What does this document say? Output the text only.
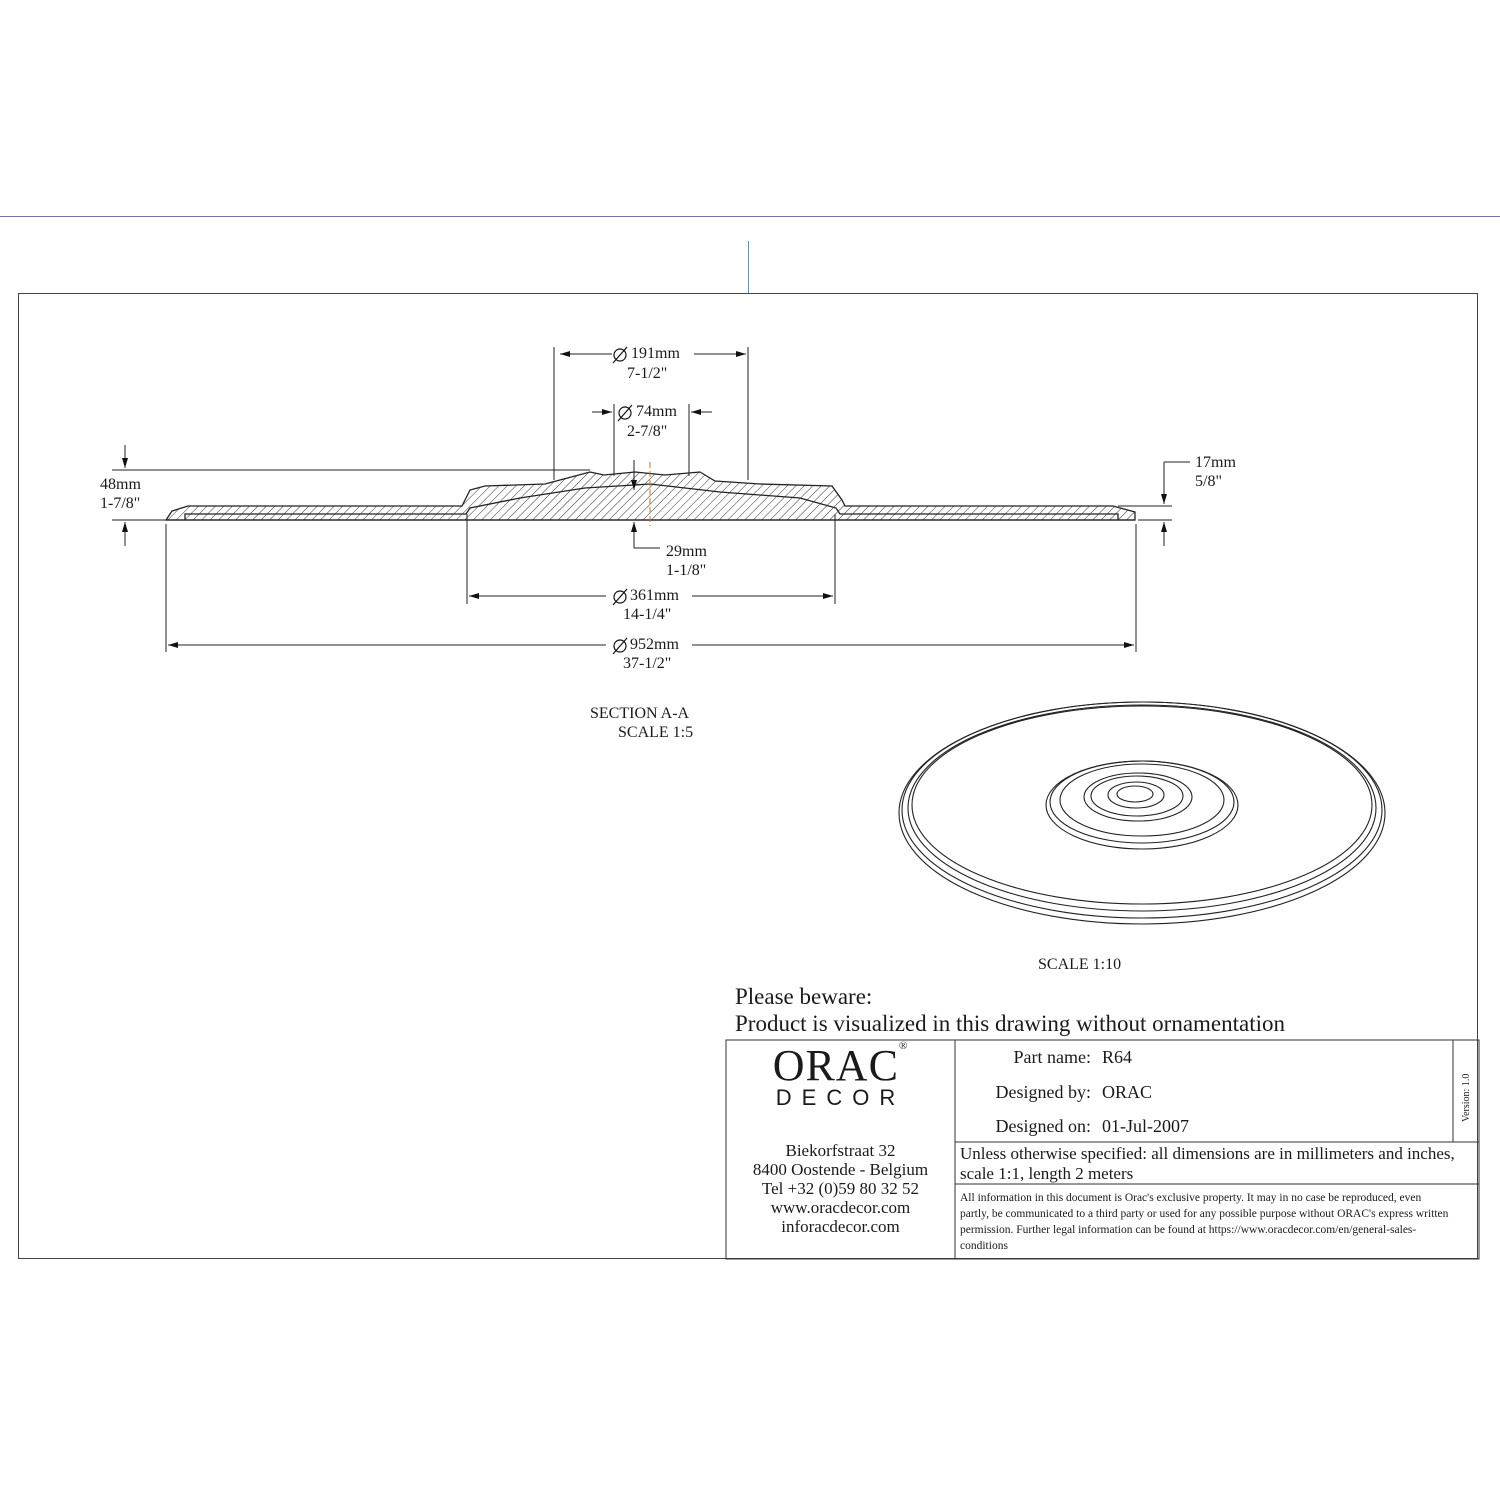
191mm
7-1/2"
74mm
2-7/8"
48mm
1-7/8"
17mm
5/8"
29mm
1-1/8"
361mm
14-1/4"
952mm
37-1/2"
SECTION A-A
SCALE 1:5
SCALE 1:10
Please beware:
Product is visualized in this drawing without ornamentation
ORAC®
DECOR
Biekorfstraat 32
8400 Oostende - Belgium
Tel +32 (0)59 80 32 52
www.oracdecor.com
inforacdecor.com
Part name: R64
Designed by: ORAC
Designed on: 01-Jul-2007
Version: 1.0
Unless otherwise specified: all dimensions are in millimeters and inches, scale 1:1, length 2 meters
All information in this document is Orac's exclusive property. It may in no case be reproduced, even partly, be communicated to a third party or used for any possible purpose without ORAC's express written permission. Further legal information can be found at https://www.oracdecor.com/en/general-sales-conditions
